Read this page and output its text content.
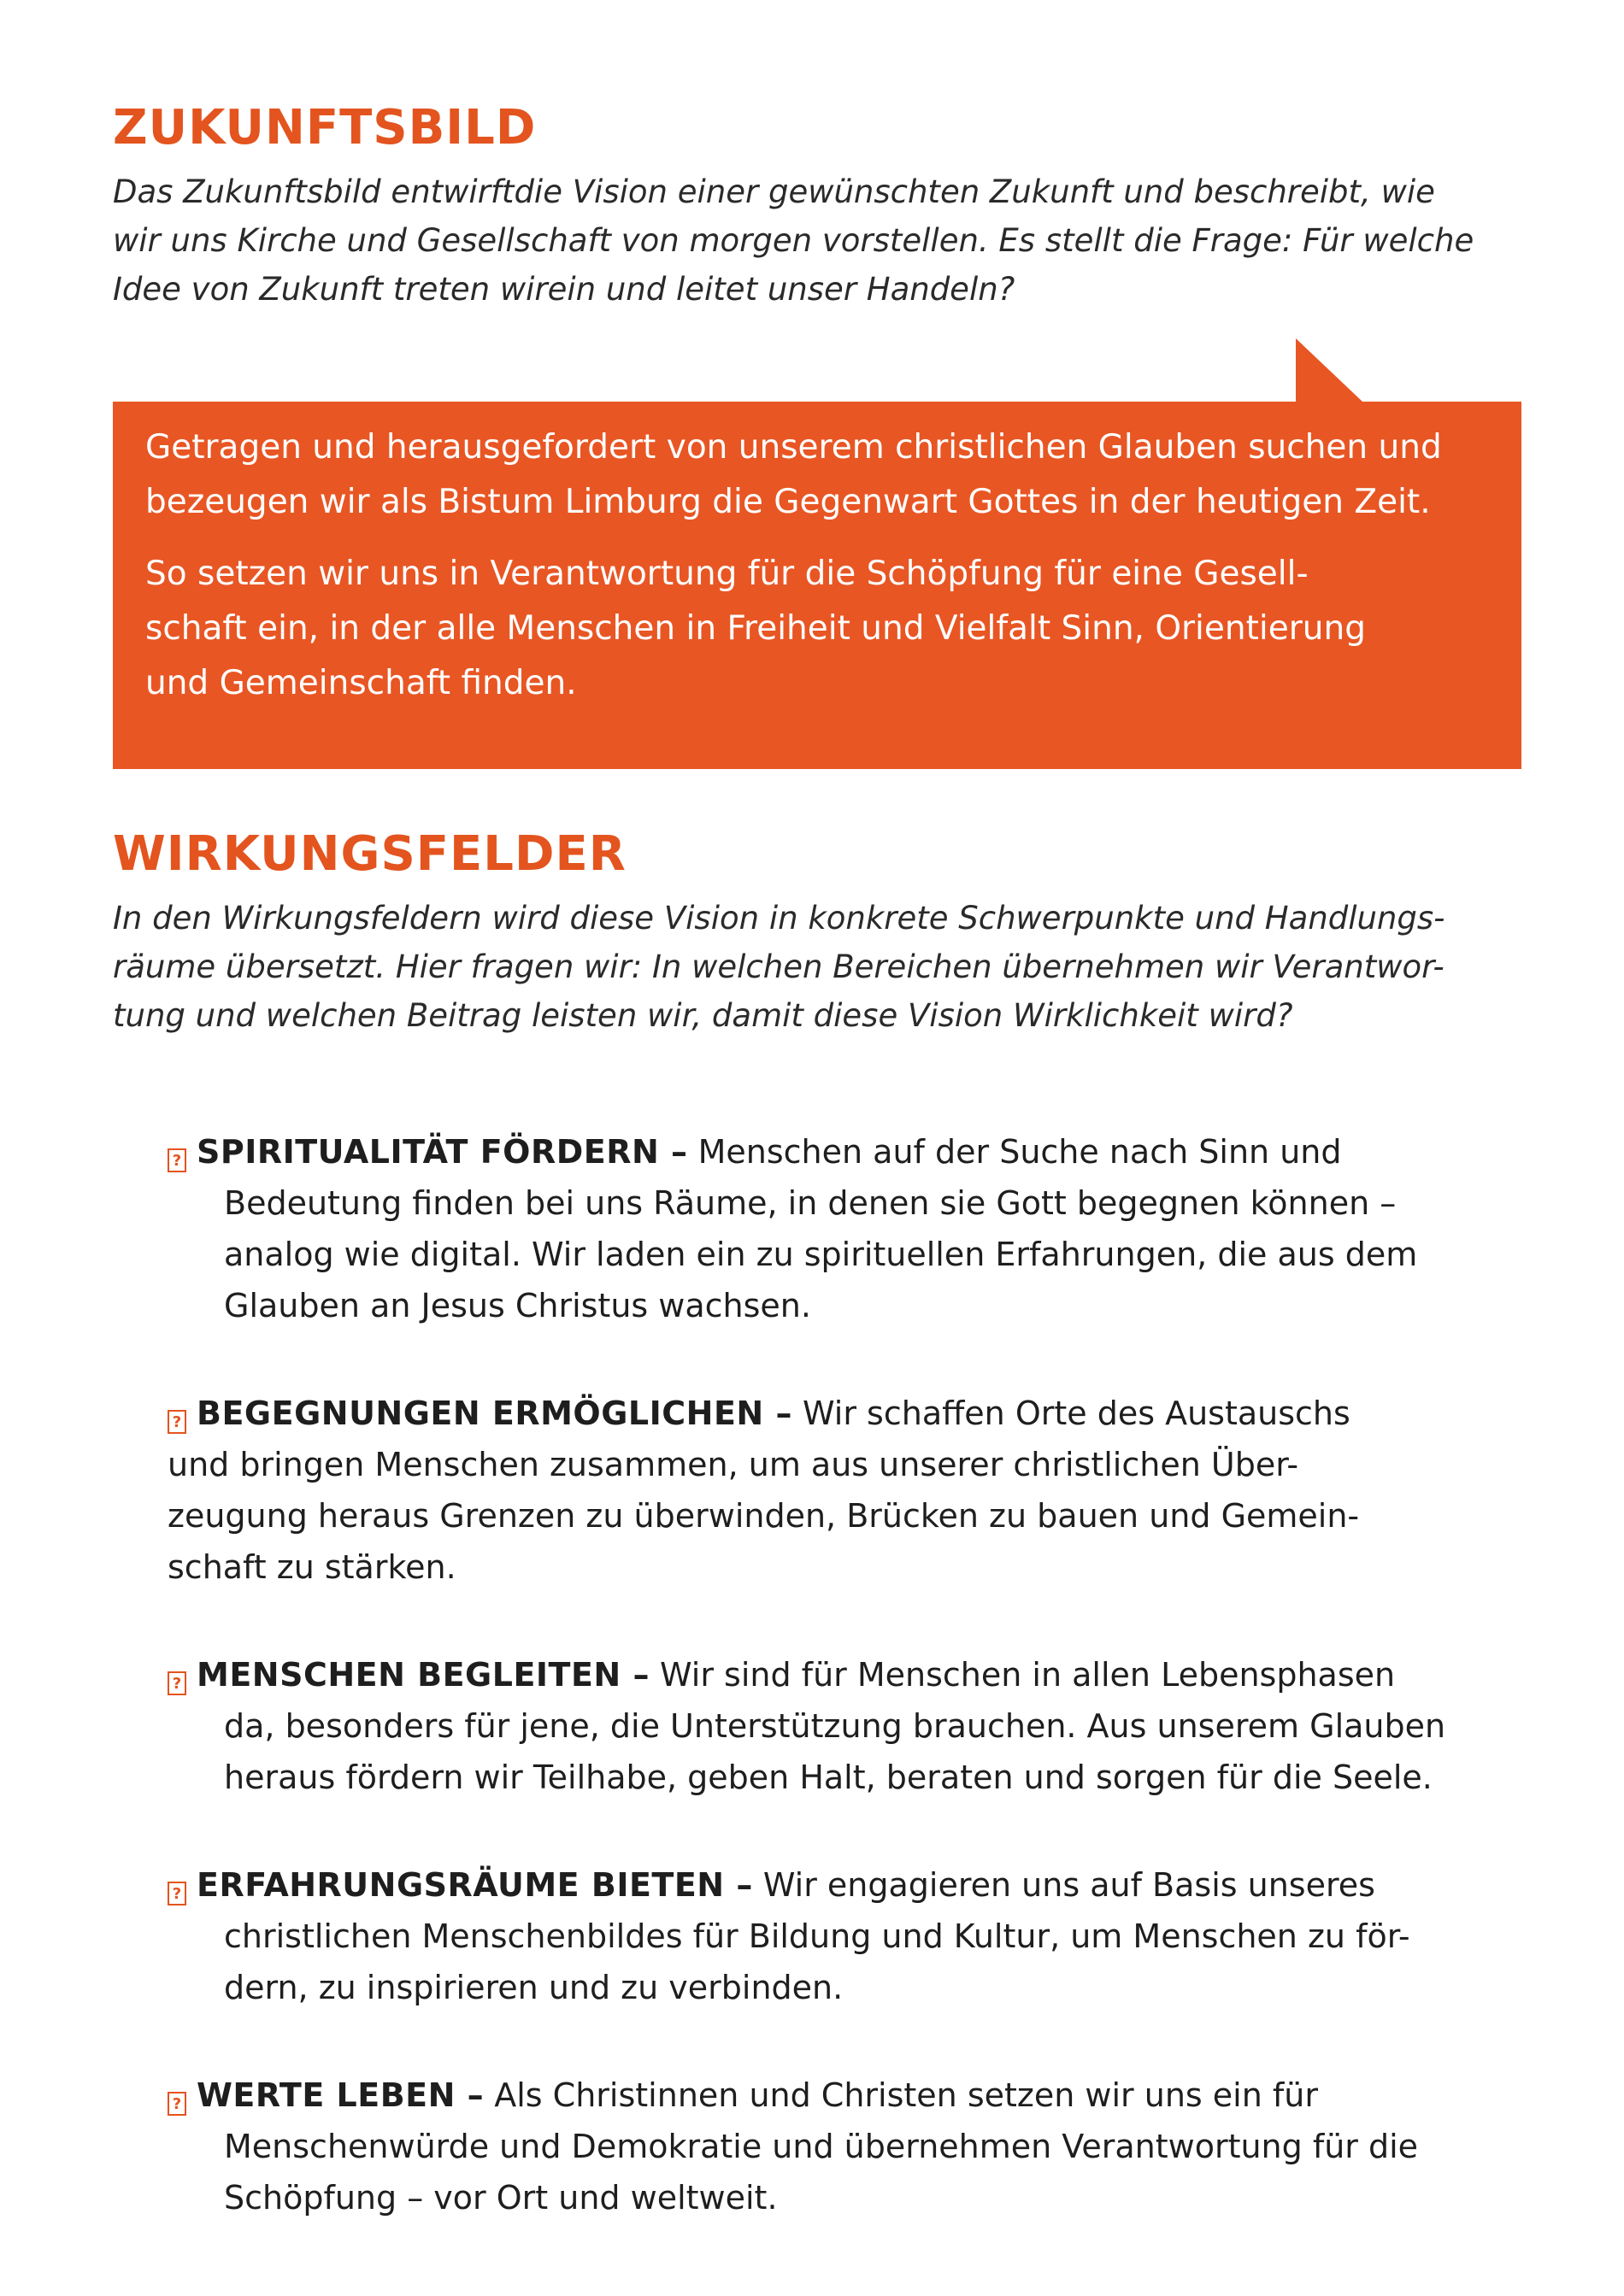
ZUKUNFTSBILD

Das Zukunftsbild entwirftdie Vision einer gewünschten Zukunft und beschreibt, wie
wir uns Kirche und Gesellschaft von morgen vorstellen. Es stellt die Frage: Für welche
Idee von Zukunft treten wirein und leitet unser Handeln?

Getragen und herausgefordert von unserem christlichen Glauben suchen und
bezeugen wir als Bistum Limburg die Gegenwart Gottes in der heutigen Zeit.

So setzen wir uns in Verantwortung für die Schöpfung für eine Gesell-
schaft ein, in der alle Menschen in Freiheit und Vielfalt Sinn, Orientierung
und Gemeinschaft finden.

WIRKUNGSFELDER

In den Wirkungsfeldern wird diese Vision in konkrete Schwerpunkte und Handlungs-
räume übersetzt. Hier fragen wir: In welchen Bereichen übernehmen wir Verantwor-
tung und welchen Beitrag leisten wir, damit diese Vision Wirklichkeit wird?

?SPIRITUALITÄT FÖRDERN – Menschen auf der Suche nach Sinn und
Bedeutung finden bei uns Räume, in denen sie Gott begegnen können –
analog wie digital. Wir laden ein zu spirituellen Erfahrungen, die aus dem
Glauben an Jesus Christus wachsen.
?BEGEGNUNGEN ERMÖGLICHEN – Wir schaffen Orte des Austauschs
und bringen Menschen zusammen, um aus unserer christlichen Über-
zeugung heraus Grenzen zu überwinden, Brücken zu bauen und Gemein-
schaft zu stärken.
?MENSCHEN BEGLEITEN – Wir sind für Menschen in allen Lebensphasen
da, besonders für jene, die Unterstützung brauchen. Aus unserem Glauben
heraus fördern wir Teilhabe, geben Halt, beraten und sorgen für die Seele.
?ERFAHRUNGSRÄUME BIETEN – Wir engagieren uns auf Basis unseres
christlichen Menschenbildes für Bildung und Kultur, um Menschen zu för-
dern, zu inspirieren und zu verbinden.
?WERTE LEBEN – Als Christinnen und Christen setzen wir uns ein für
Menschenwürde und Demokratie und übernehmen Verantwortung für die
Schöpfung – vor Ort und weltweit.
